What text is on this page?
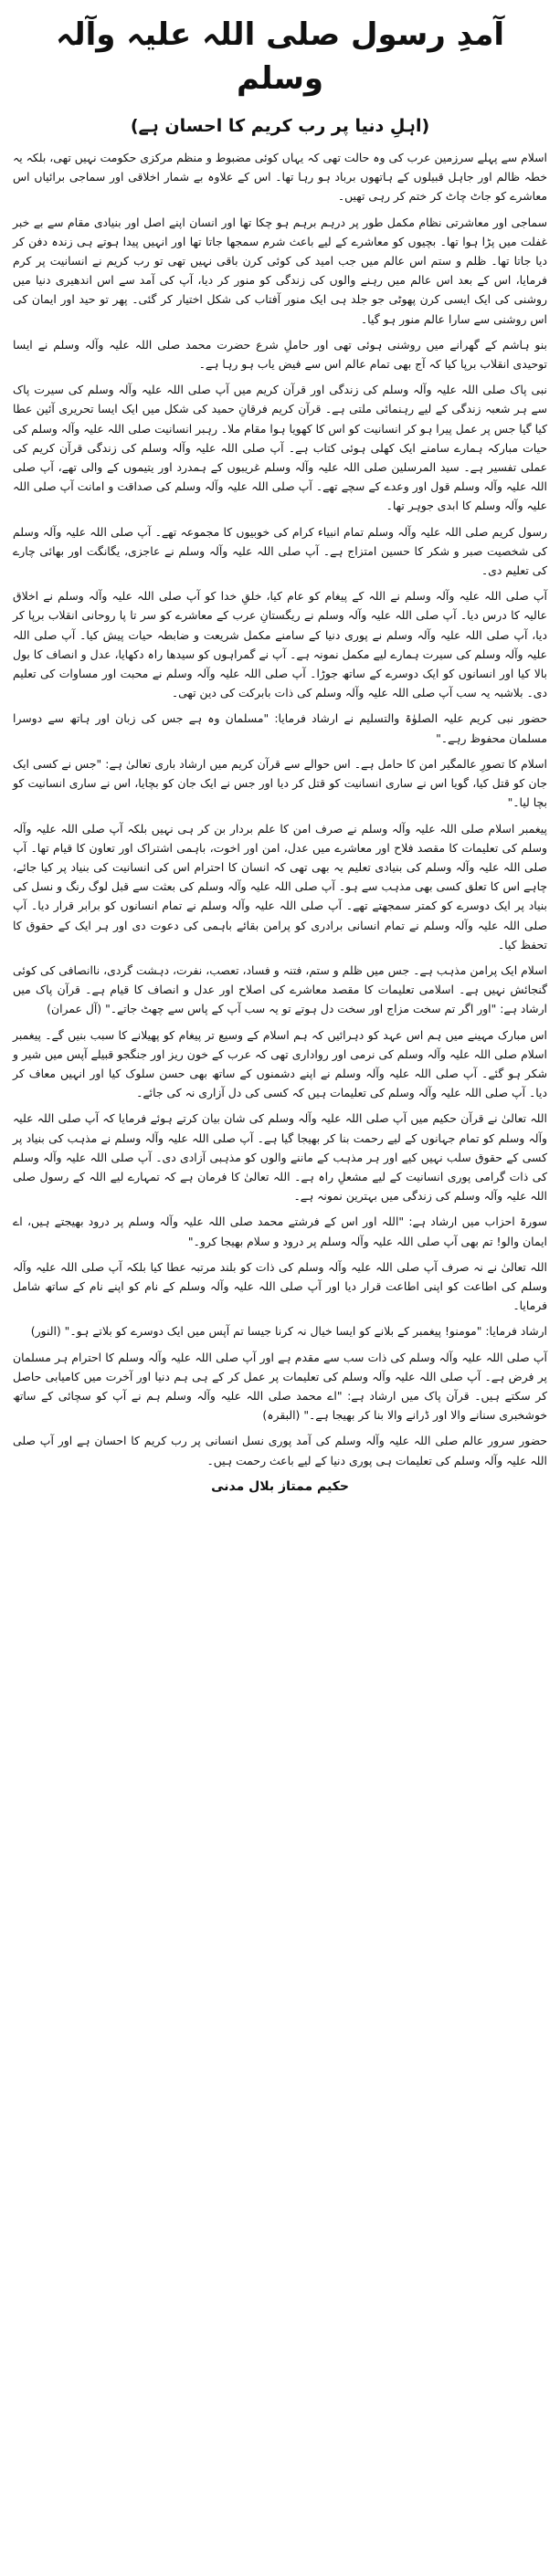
آمدِ رسول صلی اللہ علیہ وآلہ وسلم
(اہلِ دنیا پر رب کریم کا احسان ہے)

اسلام سے پہلے سرزمین عرب کی وہ حالت تھی کہ یہاں کوئی مضبوط و منظم مرکزی حکومت نہیں تھی، بلکہ یہ خطہ ظالم اور جاہل قبیلوں کے ہاتھوں برباد ہو رہا تھا۔ اس کے علاوہ بے شمار اخلاقی اور سماجی برائیاں اس معاشرے کو جاٹ چاٹ کر ختم کر رہی تھیں۔

سماجی اور معاشرتی نظام مکمل طور پر درہم برہم ہو چکا تھا اور انسان اپنے اصل اور بنیادی مقام سے بے خبر غفلت میں پڑا ہوا تھا۔ بچیوں کو معاشرے کے لیے باعث شرم سمجھا جاتا تھا اور انہیں پیدا ہوتے ہی زندہ دفن کر دیا جاتا تھا۔ ظلم و ستم اس عالم میں جب امید کی کوئی کرن باقی نہیں تھی تو رب کریم نے انسانیت پر کرم فرمایا، اس کے بعد اس عالم میں رہنے والوں کی زندگی کو منور کر دیا، آپ کی آمد سے اس اندھیری دنیا میں روشنی کی ایک ایسی کرن پھوٹی جو جلد ہی ایک منور آفتاب کی شکل اختیار کر گئی۔ پھر تو حید اور ایمان کی اس روشنی سے سارا عالم منور ہو گیا۔

بنو ہاشم کے گھرانے میں روشنی ہوئی تھی اور حاملِ شرع حضرت محمد صلی اللہ علیہ وآلہ وسلم نے ایسا توحیدی انقلاب برپا کیا کہ آج بھی تمام عالم اس سے فیض یاب ہو رہا ہے۔

نبی پاک صلی اللہ علیہ وآلہ وسلم کی زندگی اور قرآن کریم میں آپ صلی اللہ علیہ وآلہ وسلم کی سیرت پاک سے ہر شعبہ زندگی کے لیے رہنمائی ملتی ہے۔ قرآن کریم فرقانِ حمید کی شکل میں ایک ایسا تحریری آئین عطا کیا گیا جس پر عمل پیرا ہو کر انسانیت کو اس کا کھویا ہوا مقام ملا۔ رہبر انسانیت صلی اللہ علیہ وآلہ وسلم کی حیات مبارکہ ہمارے سامنے ایک کھلی ہوئی کتاب ہے۔ آپ صلی اللہ علیہ وآلہ وسلم کی زندگی قرآن کریم کی عملی تفسیر ہے۔ سید المرسلین صلی اللہ علیہ وآلہ وسلم غریبوں کے ہمدرد اور یتیموں کے والی تھے، آپ صلی اللہ علیہ وآلہ وسلم قول اور وعدے کے سچے تھے۔ آپ صلی اللہ علیہ وآلہ وسلم کی صداقت و امانت آپ صلی اللہ علیہ وآلہ وسلم کا ابدی جوہر تھا۔

رسول کریم صلی اللہ علیہ وآلہ وسلم تمام انبیاء کرام کی خوبیوں کا مجموعہ تھے۔ آپ صلی اللہ علیہ وآلہ وسلم کی شخصیت صبر و شکر کا حسین امتزاج ہے۔ آپ صلی اللہ علیہ وآلہ وسلم نے عاجزی، یگانگت اور بھائی چارے کی تعلیم دی۔

آپ صلی اللہ علیہ وآلہ وسلم نے اللہ کے پیغام کو عام کیا، خلقِ خدا کو آپ صلی اللہ علیہ وآلہ وسلم نے اخلاق عالیہ کا درس دیا۔ آپ صلی اللہ علیہ وآلہ وسلم نے ریگستانِ عرب کے معاشرے کو سر تا پا روحانی انقلاب برپا کر دیا، آپ صلی اللہ علیہ وآلہ وسلم نے پوری دنیا کے سامنے مکمل شریعت و ضابطہ حیات پیش کیا۔ آپ صلی اللہ علیہ وآلہ وسلم کی سیرت ہمارے لیے مکمل نمونہ ہے۔ آپ نے گمراہوں کو سیدھا راہ دکھایا، عدل و انصاف کا بول بالا کیا اور انسانوں کو ایک دوسرے کے ساتھ جوڑا۔ آپ صلی اللہ علیہ وآلہ وسلم نے محبت اور مساوات کی تعلیم دی۔ بلاشبہ یہ سب آپ صلی اللہ علیہ وآلہ وسلم کی ذات بابرکت کی دین تھی۔

حضور نبی کریم علیہ الصلوٰۃ والتسلیم نے ارشاد فرمایا: "مسلمان وہ ہے جس کی زبان اور ہاتھ سے دوسرا مسلمان محفوظ رہے۔"

اسلام کا تصورِ عالمگیر امن کا حامل ہے۔ اس حوالے سے قرآن کریم میں ارشاد باری تعالیٰ ہے: "جس نے کسی ایک جان کو قتل کیا، گویا اس نے ساری انسانیت کو قتل کر دیا اور جس نے ایک جان کو بچایا، اس نے ساری انسانیت کو بچا لیا۔"

پیغمبر اسلام صلی اللہ علیہ وآلہ وسلم نے صرف امن کا علم بردار بن کر ہی نہیں بلکہ آپ صلی اللہ علیہ وآلہ وسلم کی تعلیمات کا مقصد فلاح اور معاشرے میں عدل، امن اور اخوت، باہمی اشتراک اور تعاون کا قیام تھا۔ آپ صلی اللہ علیہ وآلہ وسلم کی بنیادی تعلیم یہ بھی تھی کہ انسان کا احترام اس کی انسانیت کی بنیاد پر کیا جائے، چاہے اس کا تعلق کسی بھی مذہب سے ہو۔ آپ صلی اللہ علیہ وآلہ وسلم کی بعثت سے قبل لوگ رنگ و نسل کی بنیاد پر ایک دوسرے کو کمتر سمجھتے تھے۔ آپ صلی اللہ علیہ وآلہ وسلم نے تمام انسانوں کو برابر قرار دیا۔ آپ صلی اللہ علیہ وآلہ وسلم نے تمام انسانی برادری کو پرامن بقائے باہمی کی دعوت دی اور ہر ایک کے حقوق کا تحفظ کیا۔

اسلام ایک پرامن مذہب ہے۔ جس میں ظلم و ستم، فتنہ و فساد، تعصب، نفرت، دہشت گردی، ناانصافی کی کوئی گنجائش نہیں ہے۔ اسلامی تعلیمات کا مقصد معاشرے کی اصلاح اور عدل و انصاف کا قیام ہے۔ قرآن پاک میں ارشاد ہے: "اور اگر تم سخت مزاج اور سخت دل ہوتے تو یہ سب آپ کے پاس سے چھٹ جاتے۔" (آل عمران)

اس مبارک مہینے میں ہم اس عہد کو دہرائیں کہ ہم اسلام کے وسیع تر پیغام کو پھیلانے کا سبب بنیں گے۔ پیغمبر اسلام صلی اللہ علیہ وآلہ وسلم کی نرمی اور رواداری تھی کہ عرب کے خون ریز اور جنگجو قبیلے آپس میں شیر و شکر ہو گئے۔ آپ صلی اللہ علیہ وآلہ وسلم نے اپنے دشمنوں کے ساتھ بھی حسن سلوک کیا اور انہیں معاف کر دیا۔ آپ صلی اللہ علیہ وآلہ وسلم کی تعلیمات ہیں کہ کسی کی دل آزاری نہ کی جائے۔

اللہ تعالیٰ نے قرآن حکیم میں آپ صلی اللہ علیہ وآلہ وسلم کی شان بیان کرتے ہوئے فرمایا کہ آپ صلی اللہ علیہ وآلہ وسلم کو تمام جہانوں کے لیے رحمت بنا کر بھیجا گیا ہے۔ آپ صلی اللہ علیہ وآلہ وسلم نے مذہب کی بنیاد پر کسی کے حقوق سلب نہیں کیے اور ہر مذہب کے ماننے والوں کو مذہبی آزادی دی۔ آپ صلی اللہ علیہ وآلہ وسلم کی ذات گرامی پوری انسانیت کے لیے مشعلِ راہ ہے۔ اللہ تعالیٰ کا فرمان ہے کہ تمہارے لیے اللہ کے رسول صلی اللہ علیہ وآلہ وسلم کی زندگی میں بہترین نمونہ ہے۔

سورۃ احزاب میں ارشاد ہے: "اللہ اور اس کے فرشتے محمد صلی اللہ علیہ وآلہ وسلم پر درود بھیجتے ہیں، اے ایمان والو! تم بھی آپ صلی اللہ علیہ وآلہ وسلم پر درود و سلام بھیجا کرو۔"

اللہ تعالیٰ نے نہ صرف آپ صلی اللہ علیہ وآلہ وسلم کی ذات کو بلند مرتبہ عطا کیا بلکہ آپ صلی اللہ علیہ وآلہ وسلم کی اطاعت کو اپنی اطاعت قرار دیا اور آپ صلی اللہ علیہ وآلہ وسلم کے نام کو اپنے نام کے ساتھ شامل فرمایا۔

ارشاد فرمایا: "مومنو! پیغمبر کے بلانے کو ایسا خیال نہ کرنا جیسا تم آپس میں ایک دوسرے کو بلاتے ہو۔" (النور)

آپ صلی اللہ علیہ وآلہ وسلم کی ذات سب سے مقدم ہے اور آپ صلی اللہ علیہ وآلہ وسلم کا احترام ہر مسلمان پر فرض ہے۔ آپ صلی اللہ علیہ وآلہ وسلم کی تعلیمات پر عمل کر کے ہی ہم دنیا اور آخرت میں کامیابی حاصل کر سکتے ہیں۔ قرآن پاک میں ارشاد ہے: "اے محمد صلی اللہ علیہ وآلہ وسلم ہم نے آپ کو سچائی کے ساتھ خوشخبری سنانے والا اور ڈرانے والا بنا کر بھیجا ہے۔" (البقرہ)

حضور سرور عالم صلی اللہ علیہ وآلہ وسلم کی آمد پوری نسل انسانی پر رب کریم کا احسان ہے اور آپ صلی اللہ علیہ وآلہ وسلم کی تعلیمات ہی پوری دنیا کے لیے باعث رحمت ہیں۔

حکیم ممتاز بلال مدنی
